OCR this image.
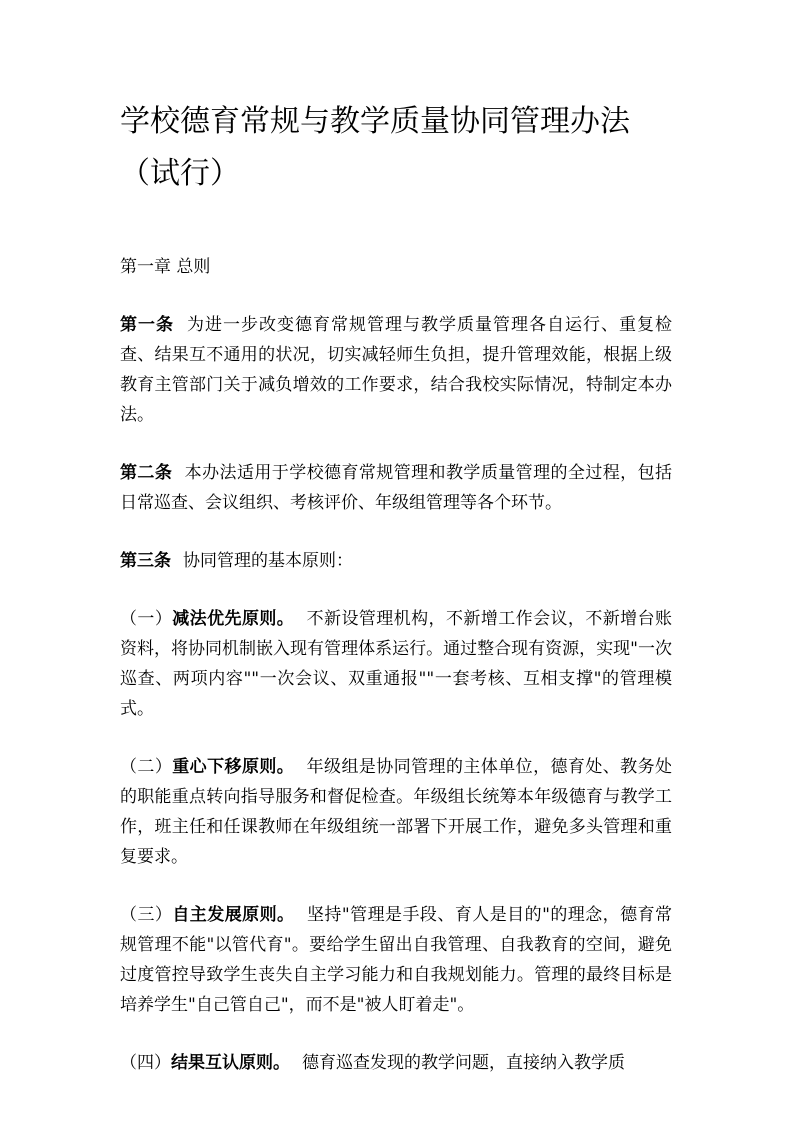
学校德育常规与教学质量协同管理办法
（试行）
第一章 总则
第一条 为进一步改变德育常规管理与教学质量管理各自运行、重复检查、结果互不通用的状况，切实减轻师生负担，提升管理效能，根据上级教育主管部门关于减负增效的工作要求，结合我校实际情况，特制定本办法。
第二条 本办法适用于学校德育常规管理和教学质量管理的全过程，包括日常巡查、会议组织、考核评价、年级组管理等各个环节。
第三条 协同管理的基本原则：
（一）减法优先原则。 不新设管理机构，不新增工作会议，不新增台账资料，将协同机制嵌入现有管理体系运行。通过整合现有资源，实现"一次巡查、两项内容""一次会议、双重通报""一套考核、互相支撑"的管理模式。
（二）重心下移原则。 年级组是协同管理的主体单位，德育处、教务处的职能重点转向指导服务和督促检查。年级组长统筹本年级德育与教学工作，班主任和任课教师在年级组统一部署下开展工作，避免多头管理和重复要求。
（三）自主发展原则。 坚持"管理是手段、育人是目的"的理念，德育常规管理不能"以管代育"。要给学生留出自我管理、自我教育的空间，避免过度管控导致学生丧失自主学习能力和自我规划能力。管理的最终目标是培养学生"自己管自己"，而不是"被人盯着走"。
（四）结果互认原则。 德育巡查发现的教学问题，直接纳入教学质
